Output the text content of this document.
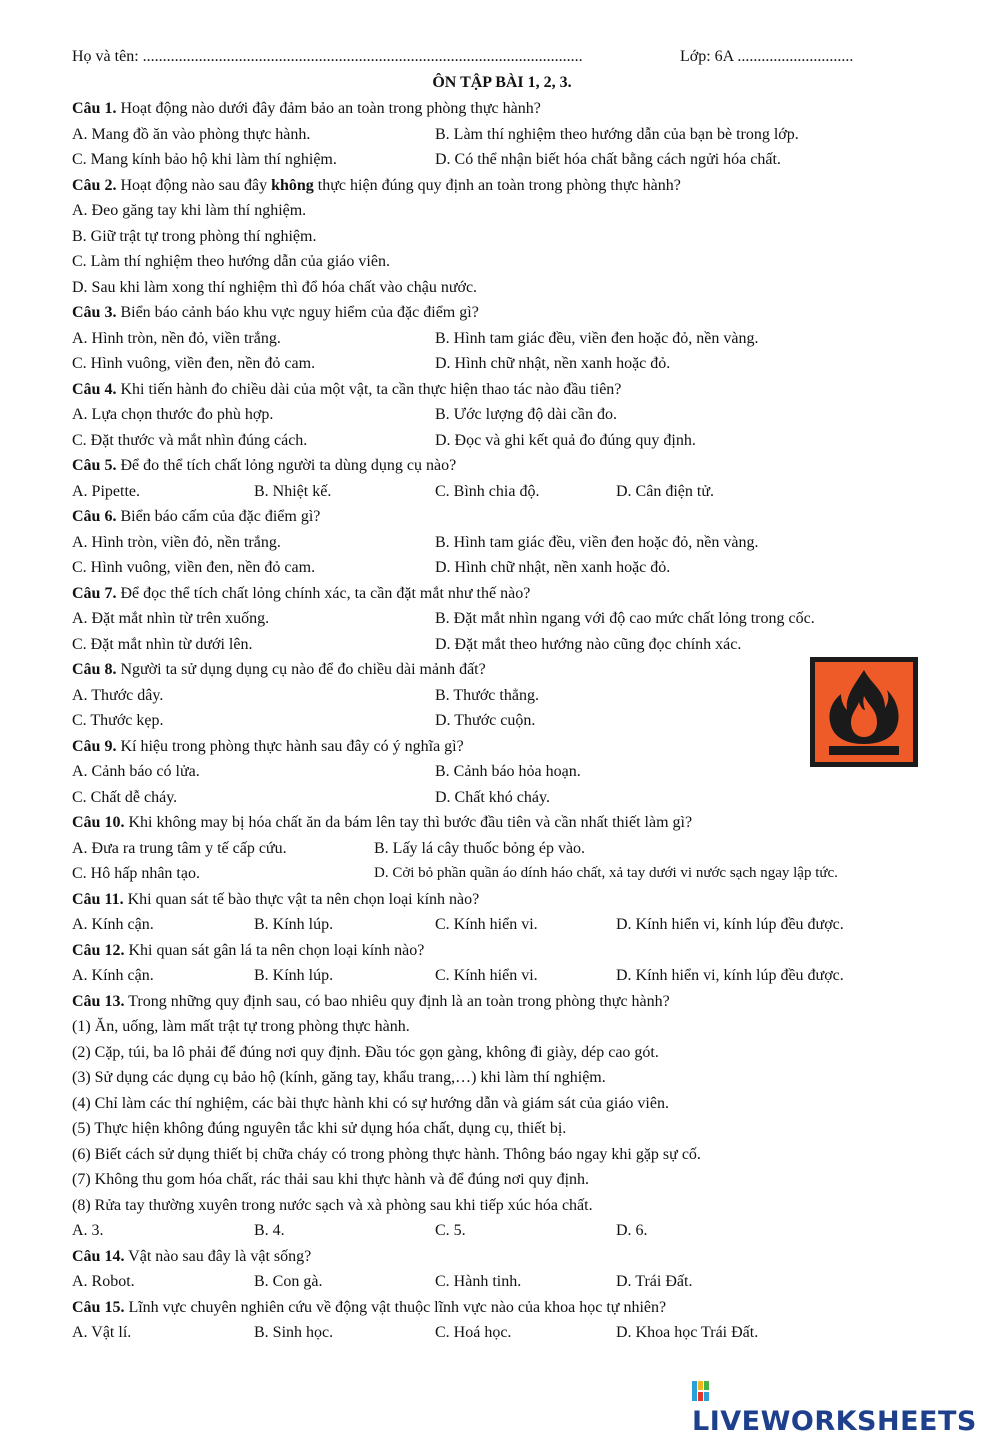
Họ và tên: ..............................................................................................................	Lớp: 6A .............................
ÔN TẬP BÀI 1, 2, 3.
Câu 1. Hoạt động nào dưới đây đảm bảo an toàn trong phòng thực hành?
A. Mang đồ ăn vào phòng thực hành.	B. Làm thí nghiệm theo hướng dẫn của bạn bè trong lớp.
C. Mang kính bảo hộ khi làm thí nghiệm.	D. Có thể nhận biết hóa chất bằng cách ngửi hóa chất.
Câu 2. Hoạt động nào sau đây không thực hiện đúng quy định an toàn trong phòng thực hành?
A. Đeo găng tay khi làm thí nghiệm.
B. Giữ trật tự trong phòng thí nghiệm.
C. Làm thí nghiệm theo hướng dẫn của giáo viên.
D. Sau khi làm xong thí nghiệm thì đổ hóa chất vào chậu nước.
Câu 3. Biển báo cảnh báo khu vực nguy hiểm của đặc điểm gì?
A. Hình tròn, nền đỏ, viền trắng.	B. Hình tam giác đều, viền đen hoặc đỏ, nền vàng.
C. Hình vuông, viền đen, nền đỏ cam.	D. Hình chữ nhật, nền xanh hoặc đỏ.
Câu 4. Khi tiến hành đo chiều dài của một vật, ta cần thực hiện thao tác nào đầu tiên?
A. Lựa chọn thước đo phù hợp.	B. Ước lượng độ dài cần đo.
C. Đặt thước và mắt nhìn đúng cách.	D. Đọc và ghi kết quả đo đúng quy định.
Câu 5. Để đo thể tích chất lỏng người ta dùng dụng cụ nào?
A. Pipette.	B. Nhiệt kế.	C. Bình chia độ.	D. Cân điện tử.
Câu 6. Biển báo cấm của đặc điểm gì?
A. Hình tròn, viền đỏ, nền trắng.	B. Hình tam giác đều, viền đen hoặc đỏ, nền vàng.
C. Hình vuông, viền đen, nền đỏ cam.	D. Hình chữ nhật, nền xanh hoặc đỏ.
Câu 7. Để đọc thể tích chất lỏng chính xác, ta cần đặt mắt như thế nào?
A. Đặt mắt nhìn từ trên xuống.	B. Đặt mắt nhìn ngang với độ cao mức chất lỏng trong cốc.
C. Đặt mắt nhìn từ dưới lên.	D. Đặt mắt theo hướng nào cũng đọc chính xác.
Câu 8. Người ta sử dụng dụng cụ nào để đo chiều dài mảnh đất?
A. Thước dây.	B. Thước thẳng.
C. Thước kẹp.	D. Thước cuộn.
Câu 9. Kí hiệu trong phòng thực hành sau đây có ý nghĩa gì?
A. Cảnh báo có lửa.	B. Cảnh báo hỏa hoạn.
C. Chất dễ cháy.	D. Chất khó cháy.
Câu 10. Khi không may bị hóa chất ăn da bám lên tay thì bước đầu tiên và cần nhất thiết làm gì?
A. Đưa ra trung tâm y tế cấp cứu.	B. Lấy lá cây thuốc bỏng ép vào.
C. Hô hấp nhân tạo.	D. Cởi bỏ phần quần áo dính háo chất, xả tay dưới vi nước sạch ngay lập tức.
Câu 11. Khi quan sát tế bào thực vật ta nên chọn loại kính nào?
A. Kính cận.	B. Kính lúp.	C. Kính hiển vi.	D. Kính hiển vi, kính lúp đều được.
Câu 12. Khi quan sát gân lá ta nên chọn loại kính nào?
A. Kính cận.	B. Kính lúp.	C. Kính hiển vi.	D. Kính hiển vi, kính lúp đều được.
Câu 13. Trong những quy định sau, có bao nhiêu quy định là an toàn trong phòng thực hành?
(1) Ăn, uống, làm mất trật tự trong phòng thực hành.
(2) Cặp, túi, ba lô phải để đúng nơi quy định. Đầu tóc gọn gàng, không đi giày, dép cao gót.
(3) Sử dụng các dụng cụ bảo hộ (kính, găng tay, khẩu trang,…) khi làm thí nghiệm.
(4) Chỉ làm các thí nghiệm, các bài thực hành khi có sự hướng dẫn và giám sát của giáo viên.
(5) Thực hiện không đúng nguyên tắc khi sử dụng hóa chất, dụng cụ, thiết bị.
(6) Biết cách sử dụng thiết bị chữa cháy có trong phòng thực hành. Thông báo ngay khi gặp sự cố.
(7) Không thu gom hóa chất, rác thải sau khi thực hành và để đúng nơi quy định.
(8) Rửa tay thường xuyên trong nước sạch và xà phòng sau khi tiếp xúc hóa chất.
A. 3.	B. 4.	C. 5.	D. 6.
Câu 14. Vật nào sau đây là vật sống?
A. Robot.	B. Con gà.	C. Hành tinh.	D. Trái Đất.
Câu 15. Lĩnh vực chuyên nghiên cứu về động vật thuộc lĩnh vực nào của khoa học tự nhiên?
A. Vật lí.	B. Sinh học.	C. Hoá học.	D. Khoa học Trái Đất.
LIVEWORKSHEETS
